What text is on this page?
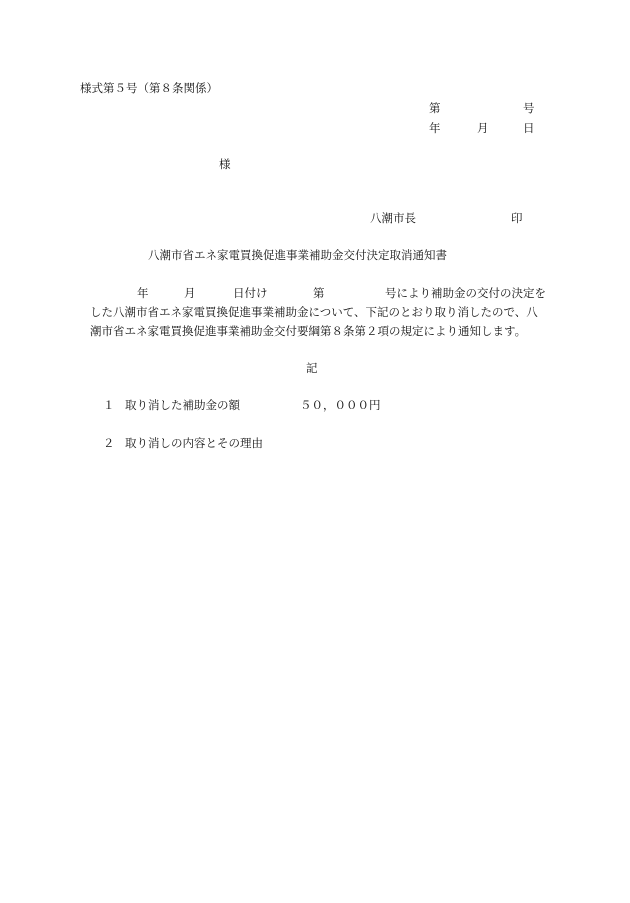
様式第５号（第８条関係）
第	号
年	月	日
様
八潮市長	印
八潮市省エネ家電買換促進事業補助金交付決定取消通知書
年	月	日付け	第	号により補助金の交付の決定を
した八潮市省エネ家電買換促進事業補助金について、下記のとおり取り消したので、八
潮市省エネ家電買換促進事業補助金交付要綱第８条第２項の規定により通知します。
記
１ 取り消した補助金の額	５０，０００円
２ 取り消しの内容とその理由
